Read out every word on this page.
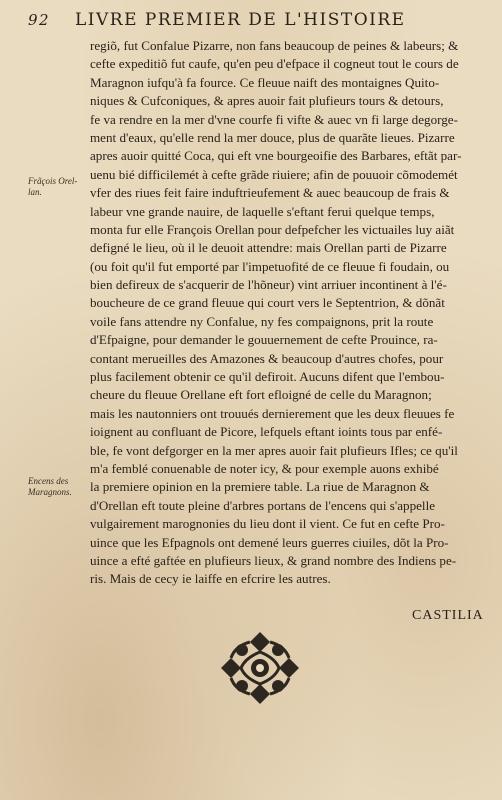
92 LIVRE PREMIER DE L'HISTOIRE
regiõ, fut Confalue Pizarre, non fans beaucoup de peines & labeurs; &
cefte expeditiõ fut caufe, qu'en peu d'efpace il cogneut tout le cours de
Maragnon iufqu'à fa fource. Ce fleuue naift des montaignes Quito-
niques & Cufconiques, & apres auoir fait plufieurs tours & detours,
fe va rendre en la mer d'vne courfe fi vifte & auec vn fi large degorge-
ment d'eaux, qu'elle rend la mer douce, plus de quarãte lieues. Pizarre
apres auoir quitté Coca, qui eft vne bourgeoifie des Barbares, eftãt par-
uenu bié difficilemét à cefte grãde riuiere; afin de pouuoir cõmodemét
vfer des riues feit faire induftrieufement & auec beaucoup de frais &
labeur vne grande nauire, de laquelle s'eftant ferui quelque temps,
monta fur elle François Orellan pour defpefcher les victuailes luy aiãt
defigné le lieu, où il le deuoit attendre: mais Orellan parti de Pizarre
(ou foit qu'il fut emporté par l'impetuofité de ce fleuue fi foudain, ou
bien defireux de s'acquerir de l'hõneur) vint arriuer incontinent à l'é-
boucheure de ce grand fleuue qui court vers le Septentrion, & dõnãt
voile fans attendre ny Confalue, ny fes compaignons, prit la route
d'Efpaigne, pour demander le gouuernement de cefte Prouince, ra-
contant merueilles des Amazones & beaucoup d'autres chofes, pour
plus facilement obtenir ce qu'il defiroit. Aucuns difent que l'embou-
cheure du fleuue Orellane eft fort efloigné de celle du Maragnon;
mais les nautonniers ont trouués dernierement que les deux fleuues fe
ioignent au confluant de Picore, lefquels eftant ioints tous par enfé-
ble, fe vont defgorger en la mer apres auoir fait plufieurs Ifles; ce qu'il
m'a femblé conuenable de noter icy, & pour exemple auons exhibé
la premiere opinion en la premiere table. La riue de Maragnon &
d'Orellan eft toute pleine d'arbres portans de l'encens qui s'appelle
vulgairement marognonies du lieu dont il vient. Ce fut en cefte Pro-
uince que les Efpagnols ont demené leurs guerres ciuiles, dõt la Pro-
uince a efté gaftée en plufieurs lieux, & grand nombre des Indiens pe-
ris. Mais de cecy ie laiffe en efcrire les autres.
Frãçois Orel-
lan.
Encens des
Maragnons.
CASTILIA
